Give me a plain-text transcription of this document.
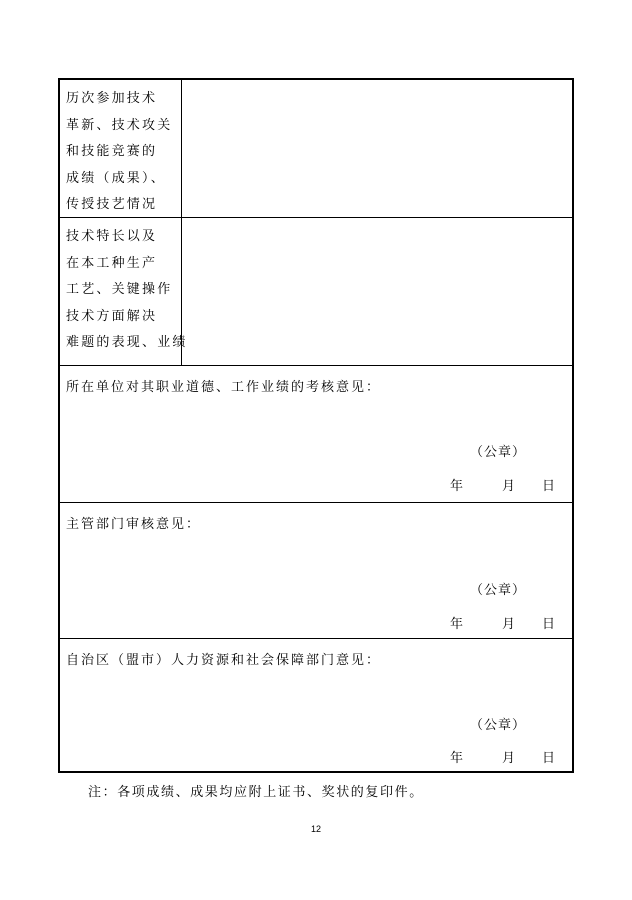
历次参加技术
革新、技术攻关
和技能竞赛的
成绩（成果）、
传授技艺情况
技术特长以及
在本工种生产
工艺、关键操作
技术方面解决
难题的表现、业绩
所在单位对其职业道德、工作业绩的考核意见：
（公章）
年	月 日
主管部门审核意见：
（公章）
年	月 日
自治区（盟市）人力资源和社会保障部门意见：
（公章）
年	月 日
注：各项成绩、成果均应附上证书、奖状的复印件。
12
